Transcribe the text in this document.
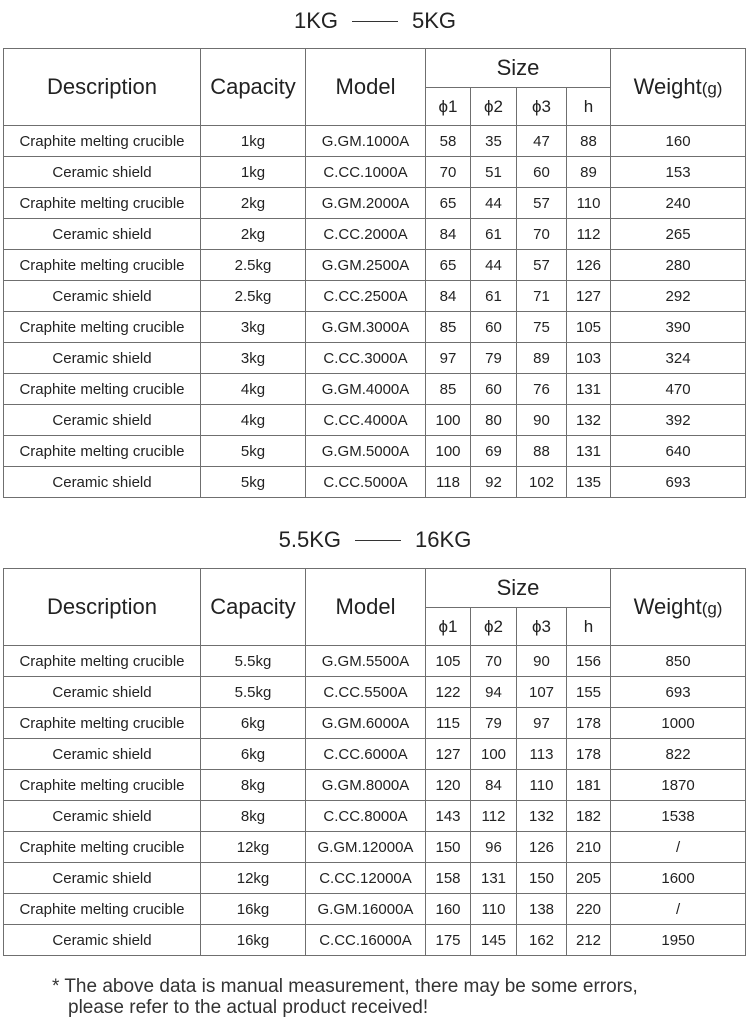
1KG	5KG
Description	Capacity	Model	Size				Weight(g)
			ϕ1	ϕ2	ϕ3	h	
Craphite melting crucible	1kg	G.GM.1000A	58	35	47	88	160
Ceramic shield	1kg	C.CC.1000A	70	51	60	89	153
Craphite melting crucible	2kg	G.GM.2000A	65	44	57	110	240
Ceramic shield	2kg	C.CC.2000A	84	61	70	112	265
Craphite melting crucible	2.5kg	G.GM.2500A	65	44	57	126	280
Ceramic shield	2.5kg	C.CC.2500A	84	61	71	127	292
Craphite melting crucible	3kg	G.GM.3000A	85	60	75	105	390
Ceramic shield	3kg	C.CC.3000A	97	79	89	103	324
Craphite melting crucible	4kg	G.GM.4000A	85	60	76	131	470
Ceramic shield	4kg	C.CC.4000A	100	80	90	132	392
Craphite melting crucible	5kg	G.GM.5000A	100	69	88	131	640
Ceramic shield	5kg	C.CC.5000A	118	92	102	135	693
5.5KG	16KG
Description	Capacity	Model	Size				Weight(g)
			ϕ1	ϕ2	ϕ3	h	
Craphite melting crucible	5.5kg	G.GM.5500A	105	70	90	156	850
Ceramic shield	5.5kg	C.CC.5500A	122	94	107	155	693
Craphite melting crucible	6kg	G.GM.6000A	115	79	97	178	1000
Ceramic shield	6kg	C.CC.6000A	127	100	113	178	822
Craphite melting crucible	8kg	G.GM.8000A	120	84	110	181	1870
Ceramic shield	8kg	C.CC.8000A	143	112	132	182	1538
Craphite melting crucible	12kg	G.GM.12000A	150	96	126	210	/
Ceramic shield	12kg	C.CC.12000A	158	131	150	205	1600
Craphite melting crucible	16kg	G.GM.16000A	160	110	138	220	/
Ceramic shield	16kg	C.CC.16000A	175	145	162	212	1950
* The above data is manual measurement, there may be some errors,
please refer to the actual product received!
